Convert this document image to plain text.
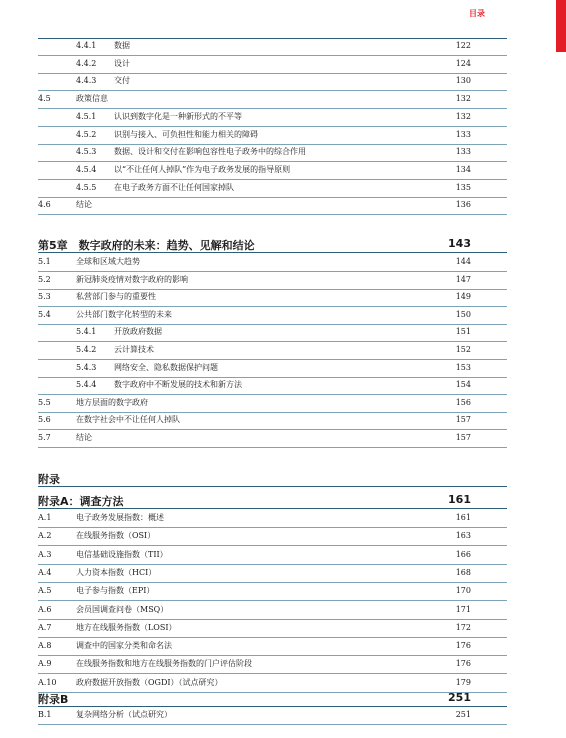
目录
4.4.1 数据	122
4.4.2 设计	124
4.4.3 交付	130
4.5	政策信息	132
4.5.1 认识到数字化是一种新形式的不平等	132
4.5.2 识别与接入、可负担性和能力相关的障碍	133
4.5.3 数据、设计和交付在影响包容性电子政务中的综合作用	133
4.5.4 以“不让任何人掉队”作为电子政务发展的指导原则	134
4.5.5 在电子政务方面不让任何国家掉队	135
4.6	结论	136
第5章　数字政府的未来：趋势、见解和结论	143
5.1	全球和区域大趋势	144
5.2	新冠肺炎疫情对数字政府的影响	147
5.3	私营部门参与的重要性	149
5.4	公共部门数字化转型的未来	150
5.4.1 开放政府数据	151
5.4.2 云计算技术	152
5.4.3 网络安全、隐私数据保护问题	153
5.4.4 数字政府中不断发展的技术和新方法	154
5.5	地方层面的数字政府	156
5.6	在数字社会中不让任何人掉队	157
5.7	结论	157
附录
附录A：调查方法	161
A.1	电子政务发展指数：概述	161
A.2	在线服务指数（OSI）	163
A.3	电信基础设施指数（TII）	166
A.4	人力资本指数（HCI）	168
A.5	电子参与指数（EPI）	170
A.6	会员国调查问卷（MSQ）	171
A.7	地方在线服务指数（LOSI）	172
A.8	调查中的国家分类和命名法	176
A.9	在线服务指数和地方在线服务指数的门户评估阶段	176
A.10 政府数据开放指数（OGDI）（试点研究）	179
附录B	251
B.1	复杂网络分析（试点研究）	251
